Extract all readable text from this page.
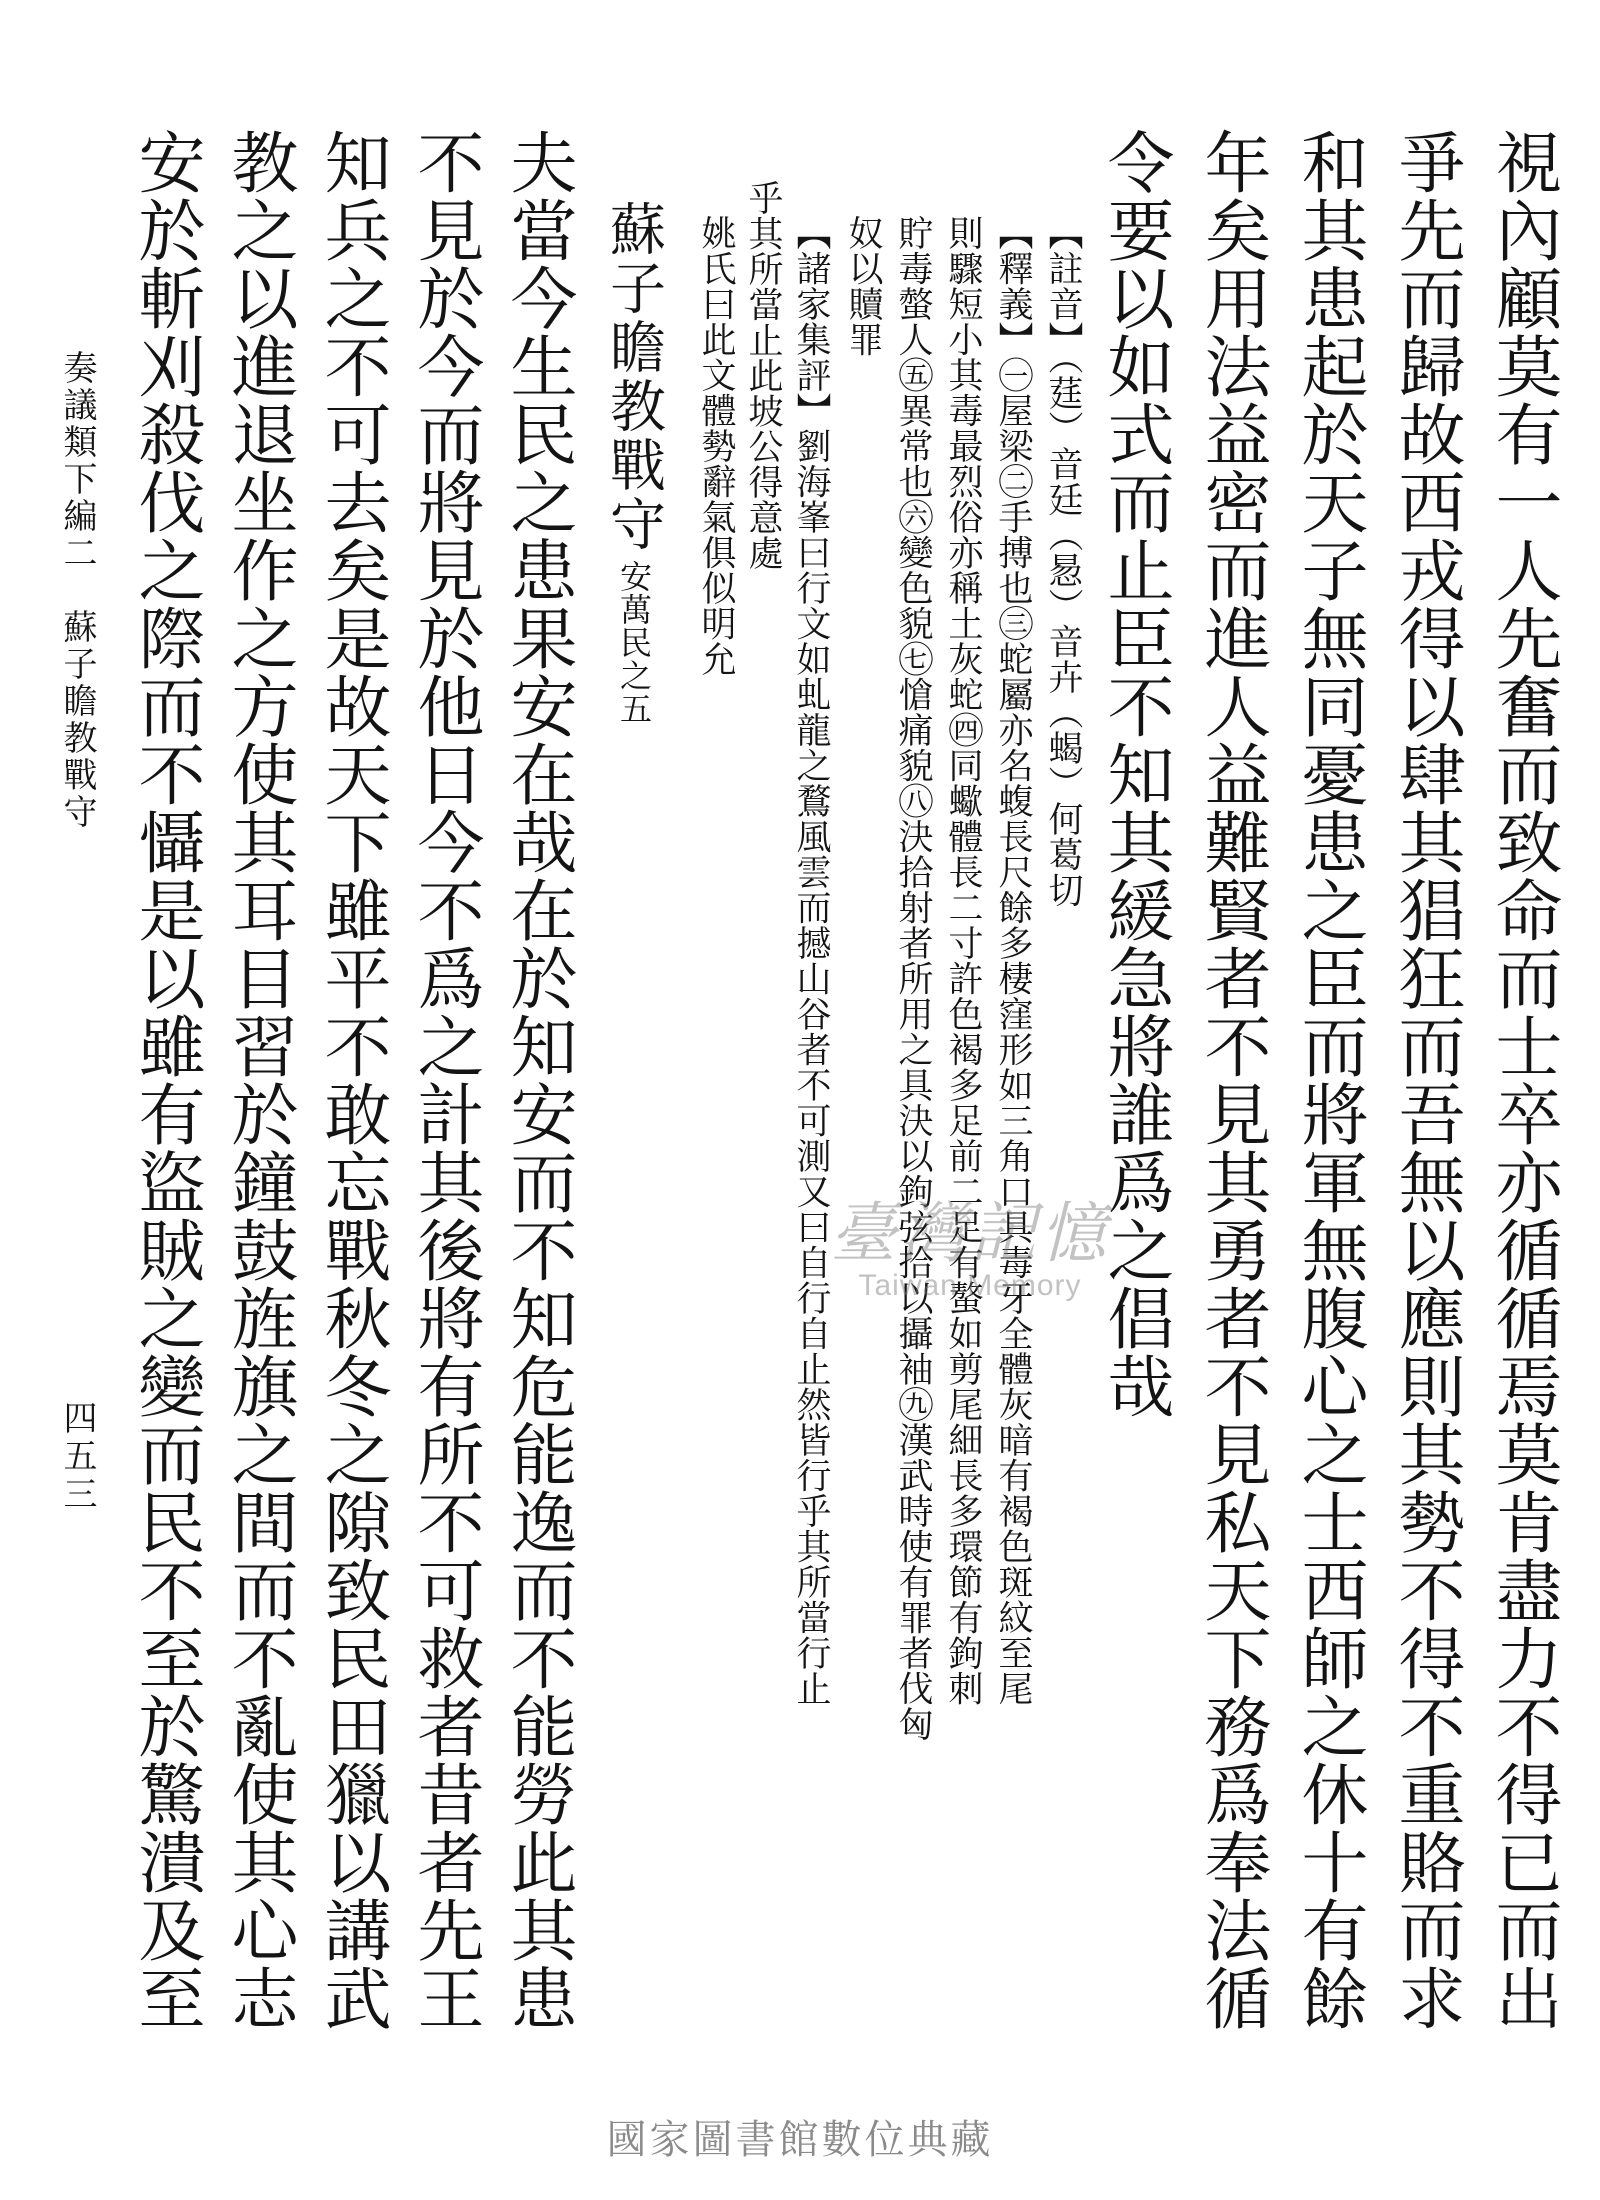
視內顧莫有一人先奮而致命而士卒亦循循焉莫肯盡力不得已而出
爭先而歸故西戎得以肆其猖狂而吾無以應則其勢不得不重賂而求
和其患起於天子無同憂患之臣而將軍無腹心之士西師之休十有餘
年矣用法益密而進人益難賢者不見其勇者不見私天下務爲奉法循
令要以如式而止臣不知其緩急將誰爲之倡哉
【註音】（莛）音廷（惖）音卉（蝎）何葛切
【釋義】㊀屋梁㊁手搏也㊂蛇屬亦名蝮長尺餘多棲窪形如三角口具毒牙全體灰暗有褐色斑紋至尾
則驟短小其毒最烈俗亦稱土灰蛇㊃同蠍體長二寸許色褐多足前二足有螯如剪尾細長多環節有鉤刺
貯毒螫人㊄異常也㊅變色貌㊆愴痛貌㊇決拾射者所用之具決以鉤弦拾以攝袖㊈漢武時使有罪者伐匈
奴以贖罪
【諸家集評】劉海峯曰行文如虬龍之鶩風雲而撼山谷者不可測又曰自行自止然皆行乎其所當行止
乎其所當止此坡公得意處
姚氏曰此文體勢辭氣俱似明允
蘇子瞻教戰守
安萬民之五
夫當今生民之患果安在哉在於知安而不知危能逸而不能勞此其患
不見於今而將見於他日今不爲之計其後將有所不可救者昔者先王
知兵之不可去矣是故天下雖平不敢忘戰秋冬之隙致民田獵以講武
教之以進退坐作之方使其耳目習於鐘鼓旌旗之間而不亂使其心志
安於斬刈殺伐之際而不懾是以雖有盜賊之變而民不至於驚潰及至
奏議類下編二　蘇子瞻教戰守
四五三
臺灣記憶
Taiwan Memory
國家圖書館數位典藏
